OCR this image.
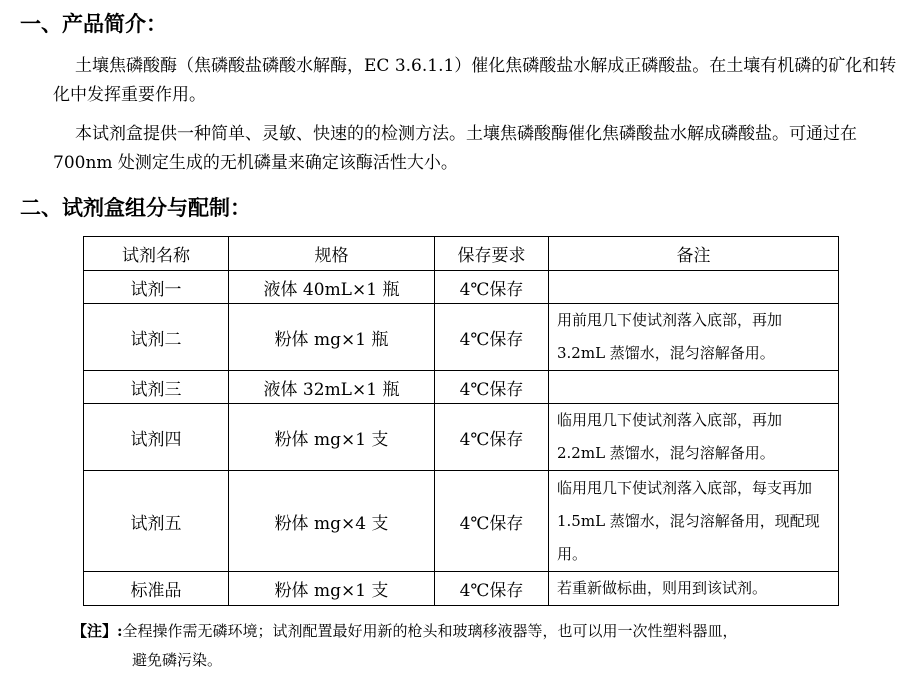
一、产品简介：

土壤焦磷酸酶（焦磷酸盐磷酸水解酶，EC 3.6.1.1）催化焦磷酸盐水解成正磷酸盐。在土壤有机磷的矿化和转化中发挥重要作用。

本试剂盒提供一种简单、灵敏、快速的的检测方法。土壤焦磷酸酶催化焦磷酸盐水解成磷酸盐。可通过在 700nm 处测定生成的无机磷量来确定该酶活性大小。

二、试剂盒组分与配制：
试剂名称	规格	保存要求	备注
试剂一	液体 40mL×1 瓶	4℃保存	
试剂二	粉体 mg×1 瓶	4℃保存	用前甩几下使试剂落入底部，再加 3.2mL 蒸馏水，混匀溶解备用。
试剂三	液体 32mL×1 瓶	4℃保存	
试剂四	粉体 mg×1 支	4℃保存	临用甩几下使试剂落入底部，再加 2.2mL 蒸馏水，混匀溶解备用。
试剂五	粉体 mg×4 支	4℃保存	临用甩几下使试剂落入底部，每支再加 1.5mL 蒸馏水，混匀溶解备用，现配现用。
标准品	粉体 mg×1 支	4℃保存	若重新做标曲，则用到该试剂。

【注】:全程操作需无磷环境；试剂配置最好用新的枪头和玻璃移液器等，也可以用一次性塑料器皿，
避免磷污染。
